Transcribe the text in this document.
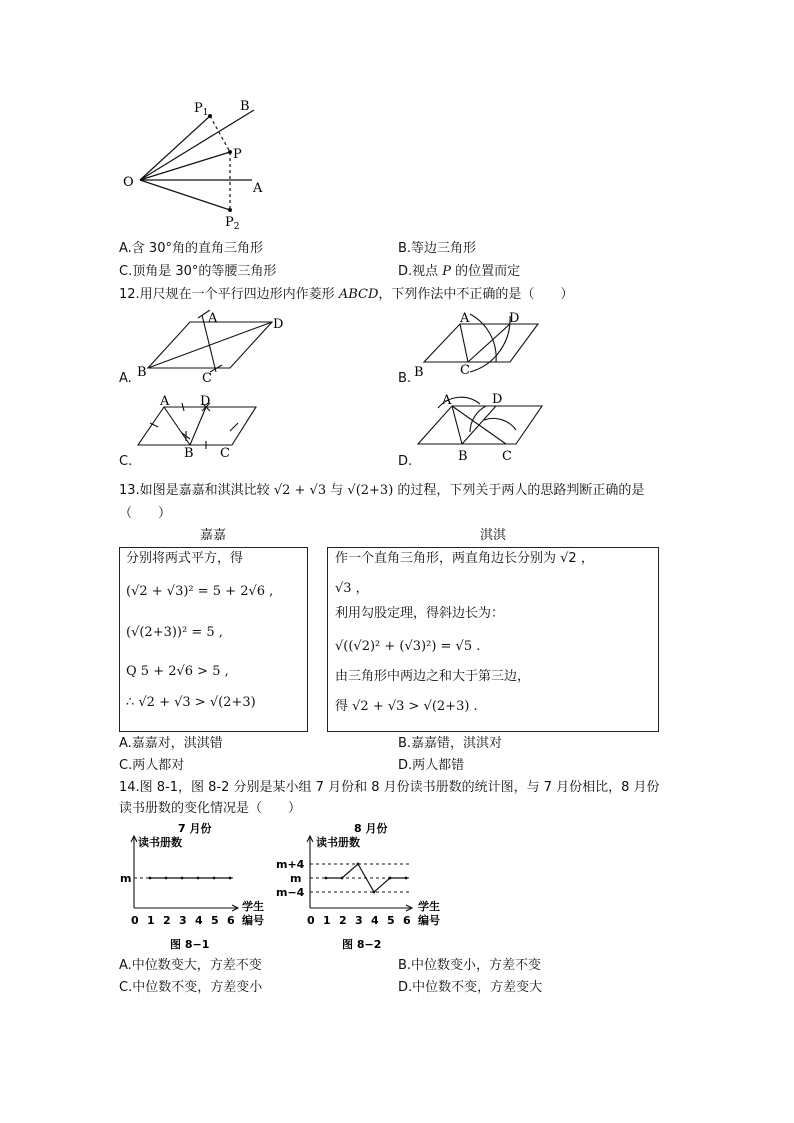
$P_1$ B
P
O	A
$P_2$
A.含 30°角的直角三角形	B.等边三角形
C.顶角是 30°的等腰三角形	D.视点 P 的位置而定
12.用尺规在一个平行四边形内作菱形 ABCD，下列作法中不正确的是（　　）
A	D
B	C
A.
A	D
B	C
B.
A D
B C
C.
A	D
B	C
D.
13.如图是嘉嘉和淇淇比较 √2 + √3 与 √(2+3) 的过程，下列关于两人的思路判断正确的是
（　　）
嘉嘉	淇淇
分别将两式平方，得
(√2 + √3)² = 5 + 2√6 ,
(√(2+3))² = 5 ,
Q 5 + 2√6 > 5 ,
∴ √2 + √3 > √(2+3)
作一个直角三角形，两直角边长分别为 √2 ，
√3 ，
利用勾股定理，得斜边长为：
√((√2)² + (√3)²) = √5 .
由三角形中两边之和大于第三边，
得 √2 + √3 > √(2+3) .
A.嘉嘉对，淇淇错	B.嘉嘉错，淇淇对
C.两人都对	D.两人都错
14.图 8-1，图 8-2 分别是某小组 7 月份和 8 月份读书册数的统计图，与 7 月份相比，8 月份
读书册数的变化情况是（　　）
7 月份
读书册数
0 1 2 3 4 5 6
m
学生
编号
图 8−1
8 月份
读书册数
0 1 2 3 4 5 6
m+4
m
m−4
学生
编号
图 8−2
A.中位数变大，方差不变	B.中位数变小，方差不变
C.中位数不变，方差变小	D.中位数不变，方差变大
